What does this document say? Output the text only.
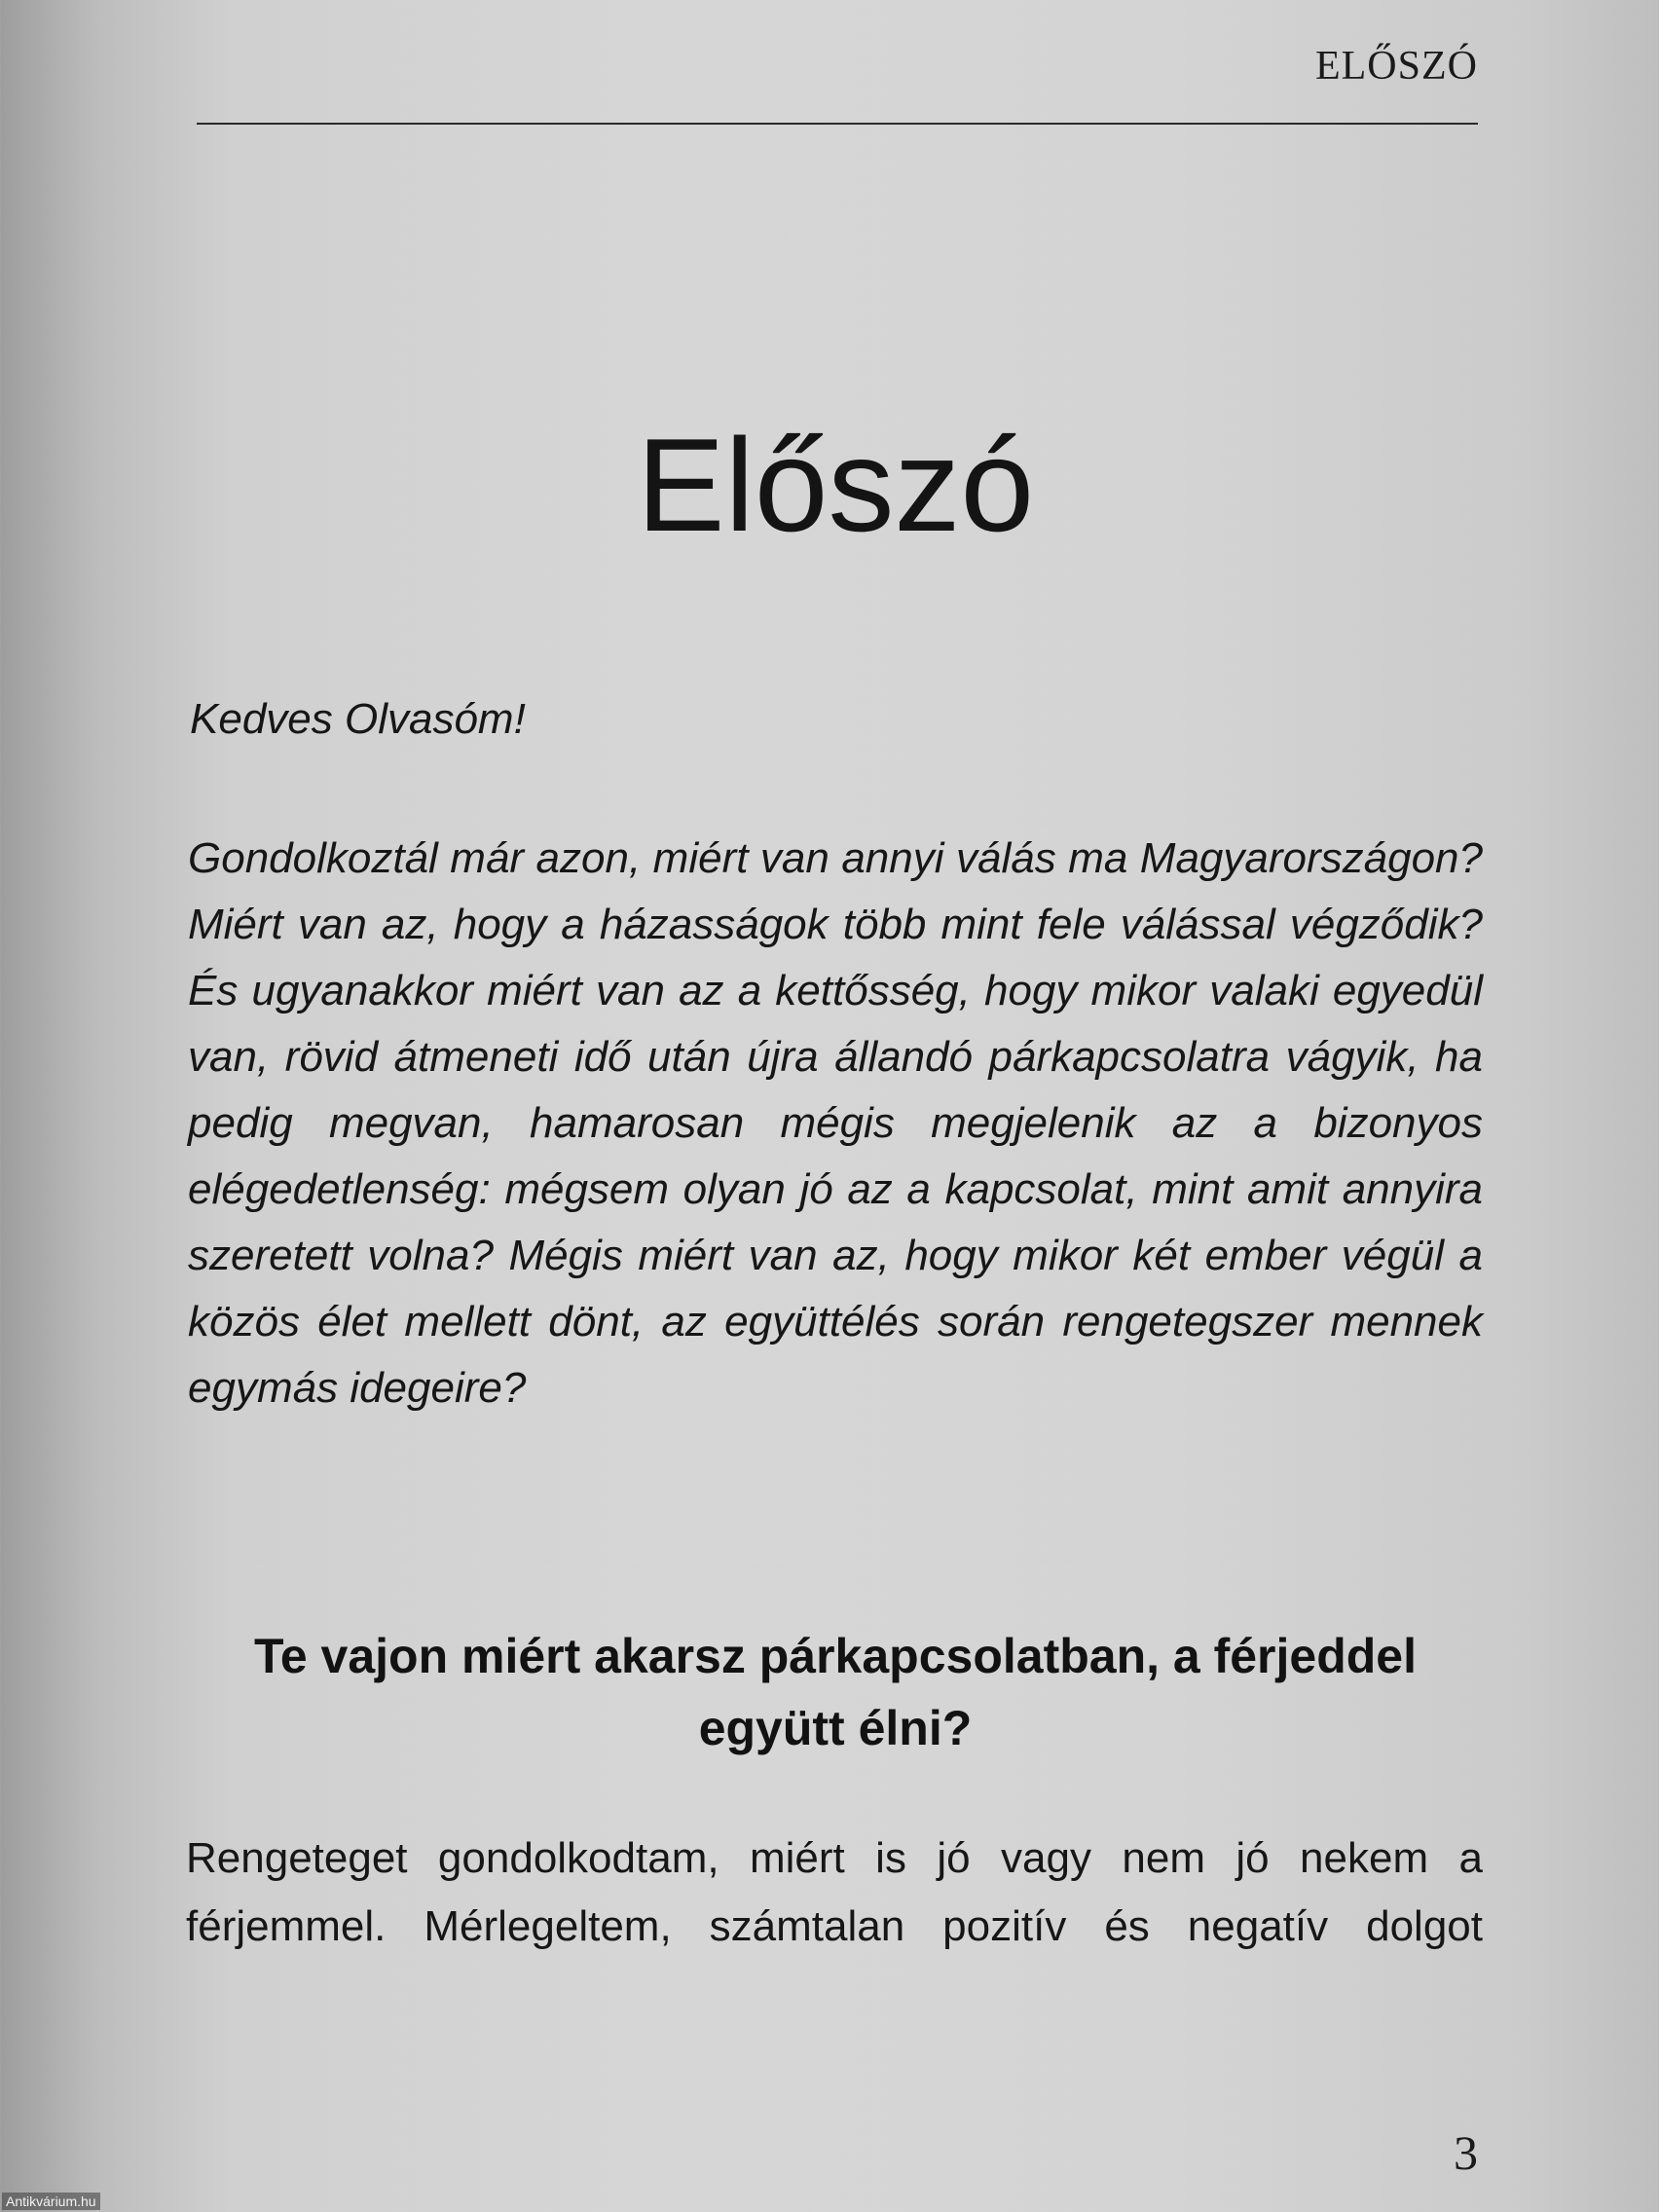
ELŐSZÓ
Előszó

Kedves Olvasóm!

Gondolkoztál már azon, miért van annyi válás ma Magyarországon? Miért van az, hogy a házasságok több mint fele válással végződik? És ugyanakkor miért van az a kettősség, hogy mikor valaki egyedül van, rövid átmeneti idő után újra állandó párkapcsolatra vágyik, ha pedig megvan, hamarosan mégis megjelenik az a bizonyos elégedetlenség: mégsem olyan jó az a kapcsolat, mint amit annyira szeretett volna? Mégis miért van az, hogy mikor két ember végül a közös élet mellett dönt, az együttélés során rengetegszer mennek egymás idegeire?

Te vajon miért akarsz párkapcsolatban, a férjeddel együtt élni?

Rengeteget gondolkodtam, miért is jó vagy nem jó nekem a férjemmel. Mérlegeltem, számtalan pozitív és negatív dolgot

3
Antikvárium.hu
